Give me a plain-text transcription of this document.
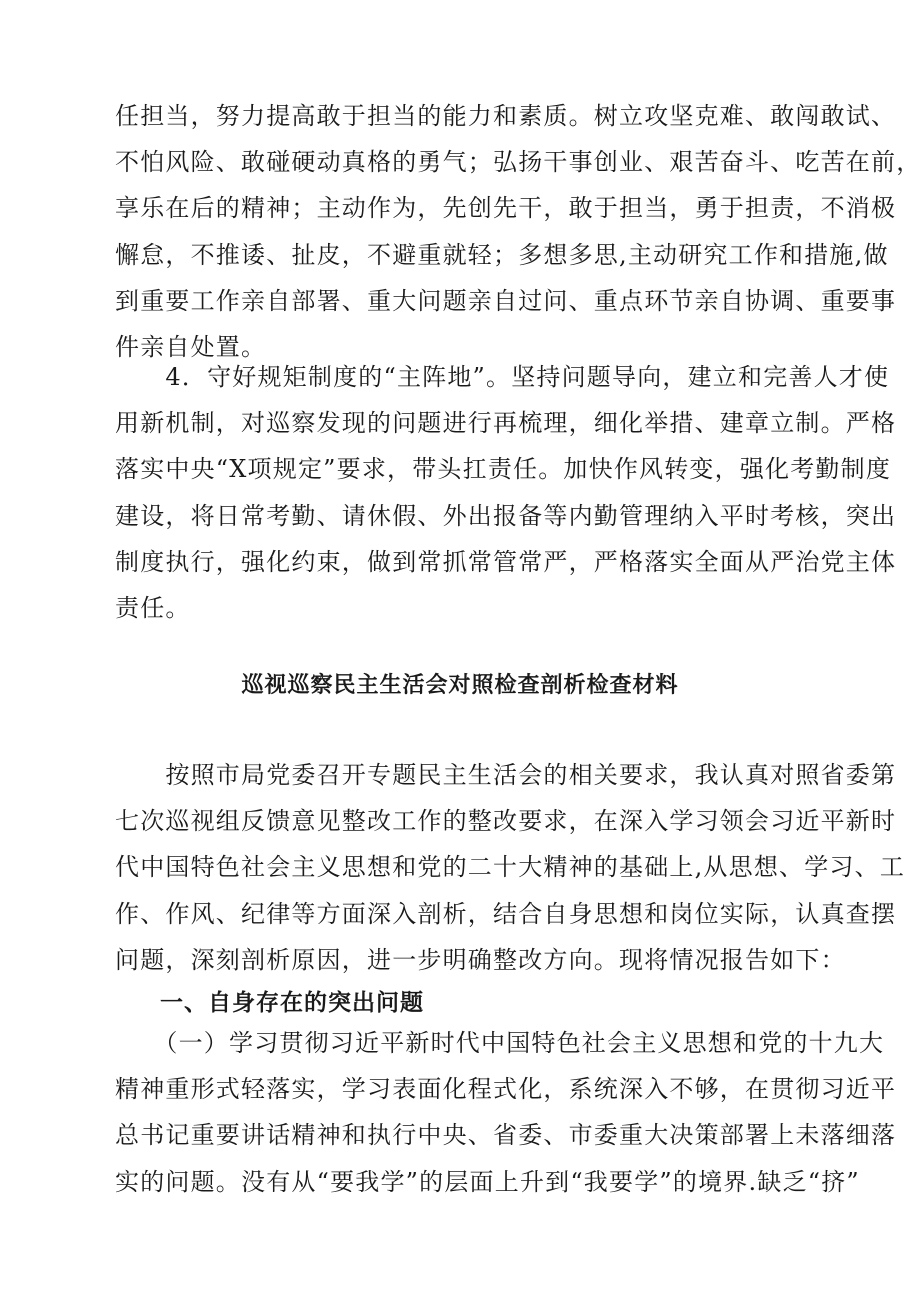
任担当，努力提高敢于担当的能力和素质。树立攻坚克难、敢闯敢试、
不怕风险、敢碰硬动真格的勇气；弘扬干事创业、艰苦奋斗、吃苦在前，
享乐在后的精神；主动作为，先创先干，敢于担当，勇于担责，不消极
懈怠，不推诿、扯皮，不避重就轻；多想多思,主动研究工作和措施,做
到重要工作亲自部署、重大问题亲自过问、重点环节亲自协调、重要事
件亲自处置。
　　4．守好规矩制度的“主阵地”。坚持问题导向，建立和完善人才使
用新机制，对巡察发现的问题进行再梳理，细化举措、建章立制。严格
落实中央“X项规定”要求，带头扛责任。加快作风转变，强化考勤制度
建设，将日常考勤、请休假、外出报备等内勤管理纳入平时考核，突出
制度执行，强化约束，做到常抓常管常严，严格落实全面从严治党主体
责任。
巡视巡察民主生活会对照检查剖析检查材料
　　按照市局党委召开专题民主生活会的相关要求，我认真对照省委第
七次巡视组反馈意见整改工作的整改要求，在深入学习领会习近平新时
代中国特色社会主义思想和党的二十大精神的基础上,从思想、学习、工
作、作风、纪律等方面深入剖析，结合自身思想和岗位实际，认真查摆
问题，深刻剖析原因，进一步明确整改方向。现将情况报告如下：
一、自身存在的突出问题
　　（一）学习贯彻习近平新时代中国特色社会主义思想和党的十九大
精神重形式轻落实，学习表面化程式化，系统深入不够，在贯彻习近平
总书记重要讲话精神和执行中央、省委、市委重大决策部署上未落细落
实的问题。没有从“要我学”的层面上升到“我要学”的境界.缺乏“挤”
